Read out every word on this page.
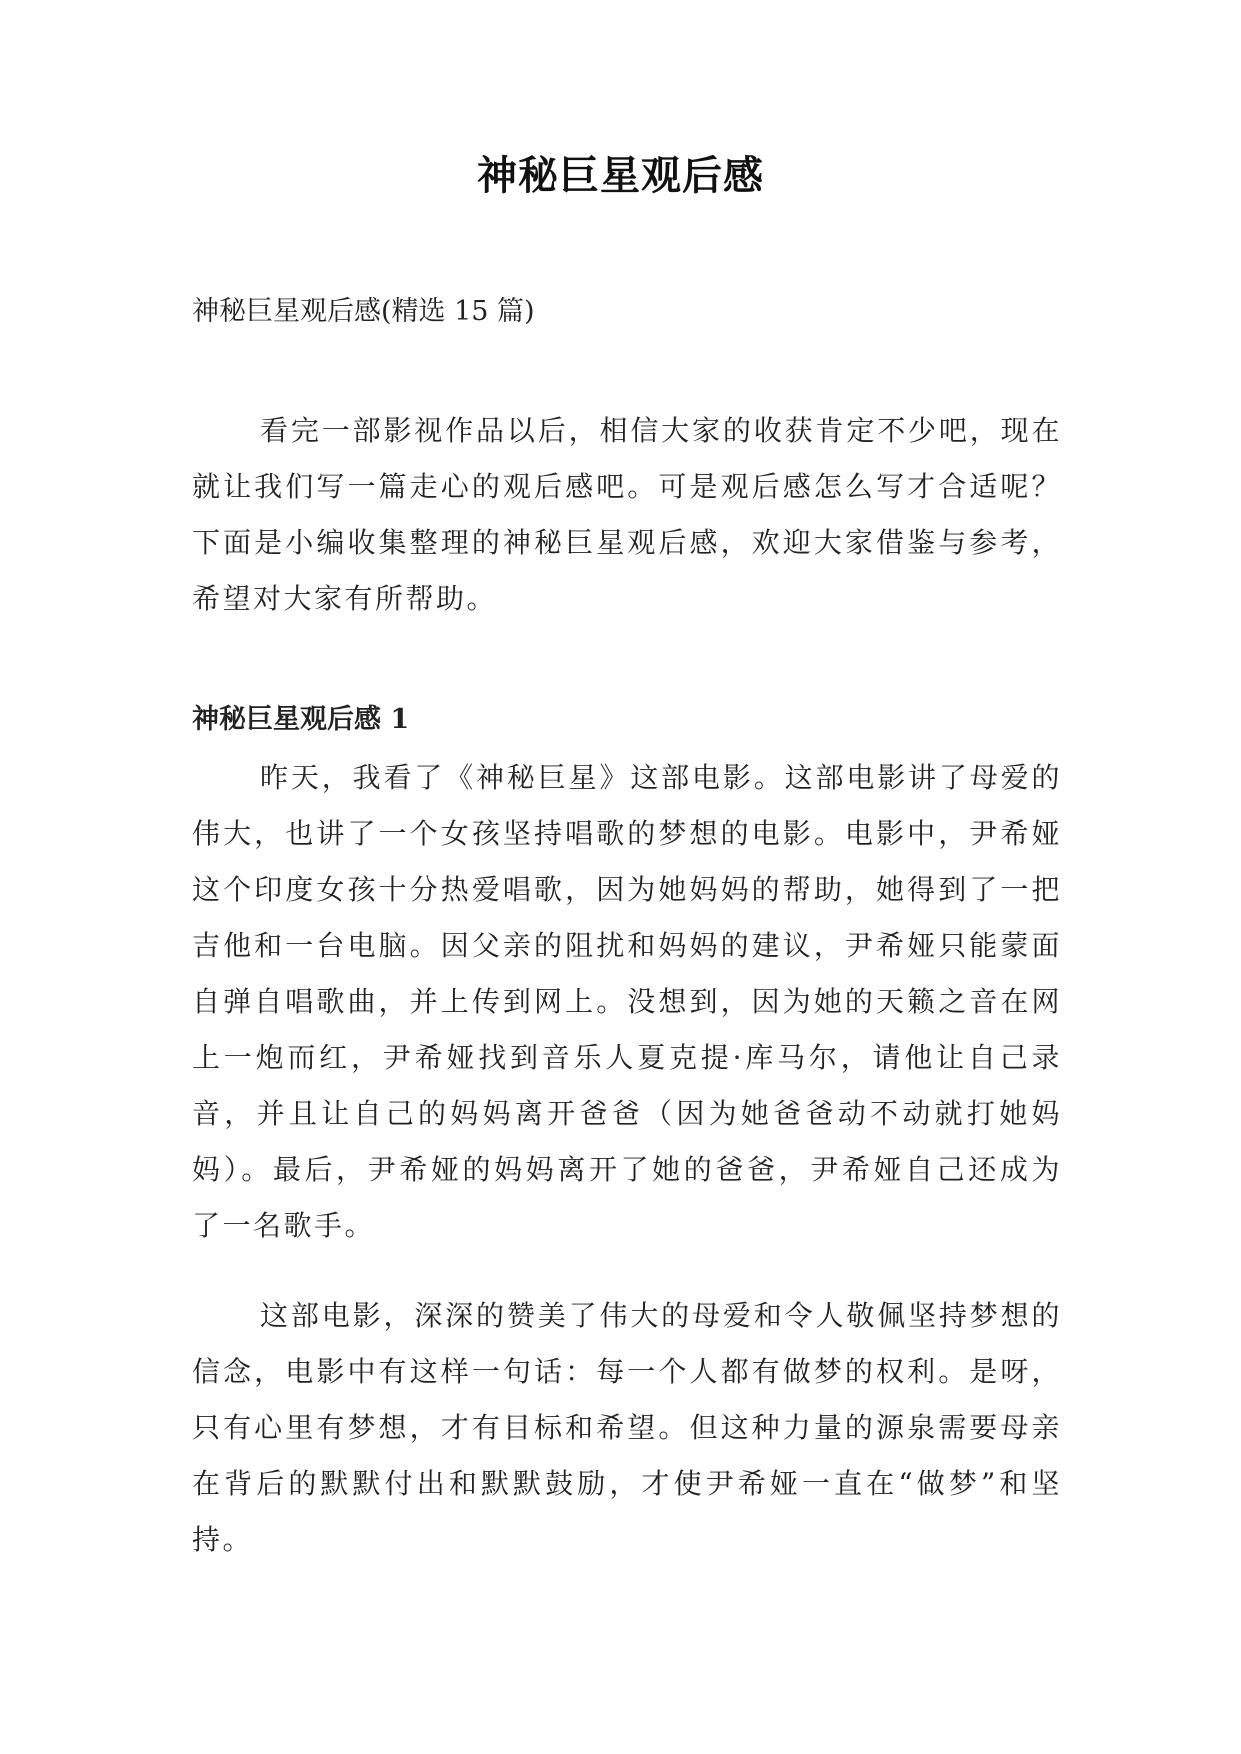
神秘巨星观后感

神秘巨星观后感(精选 15 篇)

看完一部影视作品以后，相信大家的收获肯定不少吧，现在就让我们写一篇走心的观后感吧。可是观后感怎么写才合适呢？下面是小编收集整理的神秘巨星观后感，欢迎大家借鉴与参考，希望对大家有所帮助。

神秘巨星观后感 1

昨天，我看了《神秘巨星》这部电影。这部电影讲了母爱的伟大，也讲了一个女孩坚持唱歌的梦想的电影。电影中，尹希娅这个印度女孩十分热爱唱歌，因为她妈妈的帮助，她得到了一把吉他和一台电脑。因父亲的阻扰和妈妈的建议，尹希娅只能蒙面自弹自唱歌曲，并上传到网上。没想到，因为她的天籁之音在网上一炮而红，尹希娅找到音乐人夏克提·库马尔，请他让自己录音，并且让自己的妈妈离开爸爸（因为她爸爸动不动就打她妈妈）。最后，尹希娅的妈妈离开了她的爸爸，尹希娅自己还成为了一名歌手。

这部电影，深深的赞美了伟大的母爱和令人敬佩坚持梦想的信念，电影中有这样一句话：每一个人都有做梦的权利。是呀，只有心里有梦想，才有目标和希望。但这种力量的源泉需要母亲在背后的默默付出和默默鼓励，才使尹希娅一直在“做梦”和坚持。
